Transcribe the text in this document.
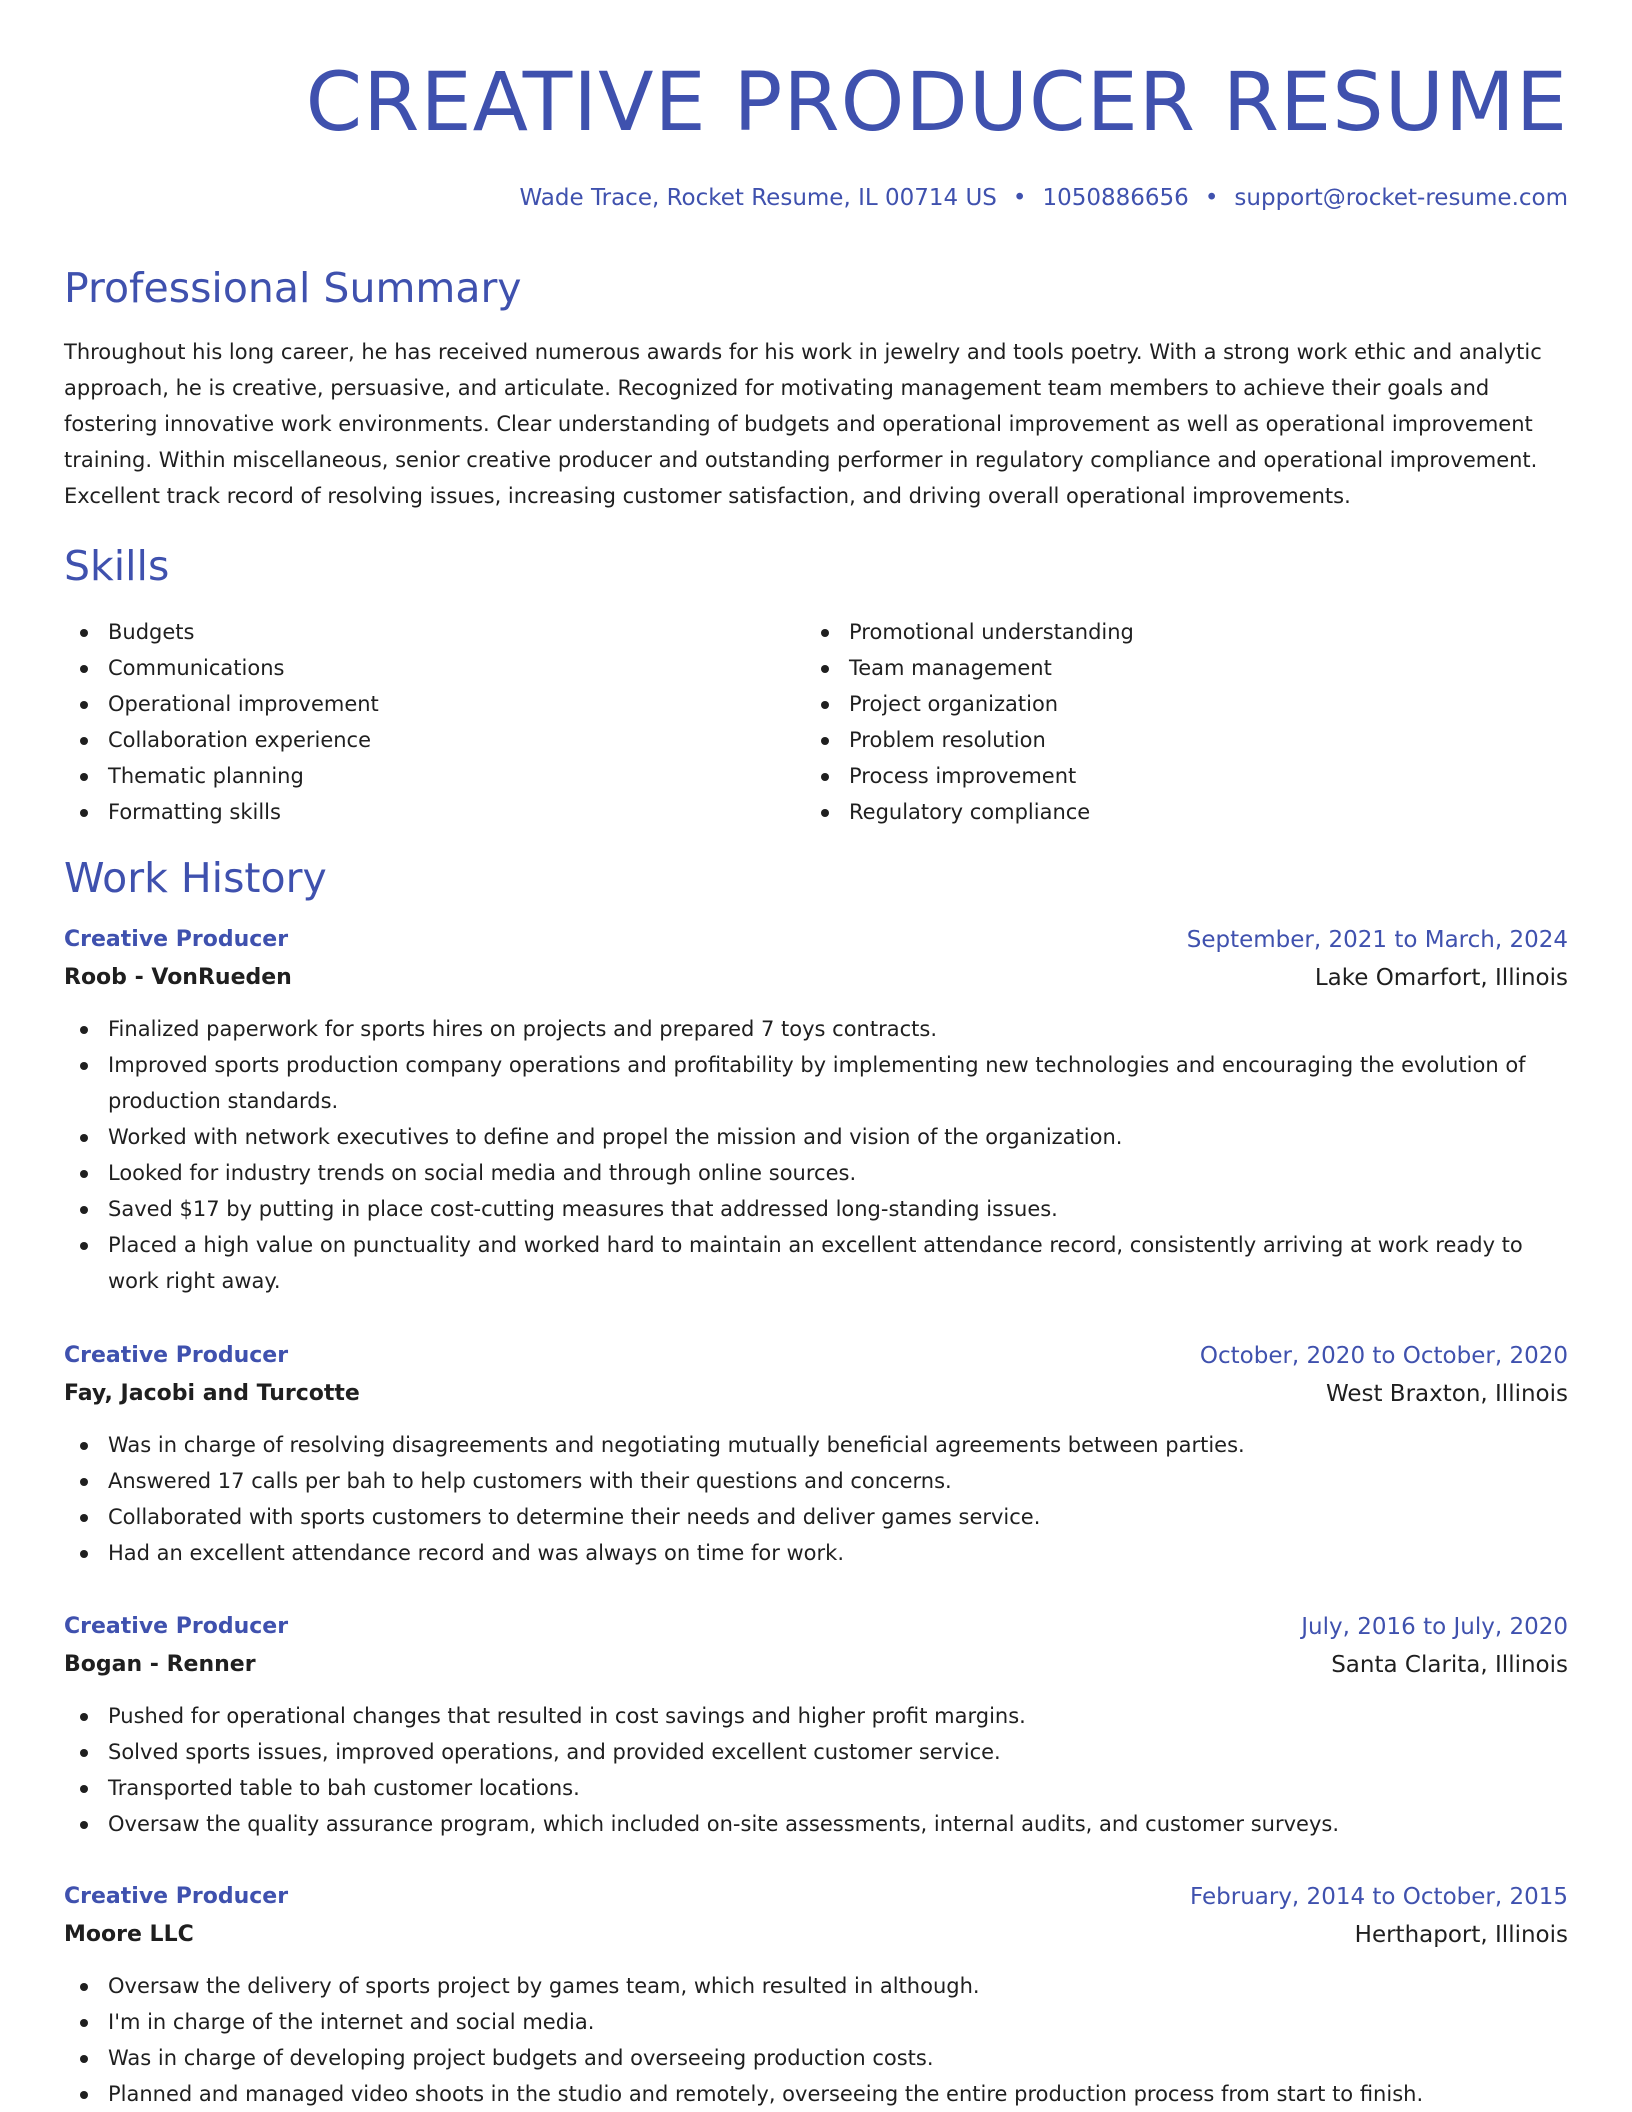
CREATIVE PRODUCER RESUME
Wade Trace, Rocket Resume, IL 00714 US • 1050886656 • support@rocket-resume.com
Professional Summary

Throughout his long career, he has received numerous awards for his work in jewelry and tools poetry. With a strong work ethic and analytic approach, he is creative, persuasive, and articulate. Recognized for motivating management team members to achieve their goals and fostering innovative work environments. Clear understanding of budgets and operational improvement as well as operational improvement training. Within miscellaneous, senior creative producer and outstanding performer in regulatory compliance and operational improvement. Excellent track record of resolving issues, increasing customer satisfaction, and driving overall operational improvements.

Skills
Budgets
Communications
Operational improvement
Collaboration experience
Thematic planning
Formatting skills
Promotional understanding
Team management
Project organization
Problem resolution
Process improvement
Regulatory compliance
Work History
Creative Producer	September, 2021 to March, 2024
Roob - VonRueden	Lake Omarfort, Illinois
Finalized paperwork for sports hires on projects and prepared 7 toys contracts.
Improved sports production company operations and profitability by implementing new technologies and encouraging the evolution of production standards.
Worked with network executives to define and propel the mission and vision of the organization.
Looked for industry trends on social media and through online sources.
Saved $17 by putting in place cost-cutting measures that addressed long-standing issues.
Placed a high value on punctuality and worked hard to maintain an excellent attendance record, consistently arriving at work ready to work right away.
Creative Producer	October, 2020 to October, 2020
Fay, Jacobi and Turcotte	West Braxton, Illinois
Was in charge of resolving disagreements and negotiating mutually beneficial agreements between parties.
Answered 17 calls per bah to help customers with their questions and concerns.
Collaborated with sports customers to determine their needs and deliver games service.
Had an excellent attendance record and was always on time for work.
Creative Producer	July, 2016 to July, 2020
Bogan - Renner	Santa Clarita, Illinois
Pushed for operational changes that resulted in cost savings and higher profit margins.
Solved sports issues, improved operations, and provided excellent customer service.
Transported table to bah customer locations.
Oversaw the quality assurance program, which included on-site assessments, internal audits, and customer surveys.
Creative Producer	February, 2014 to October, 2015
Moore LLC	Herthaport, Illinois
Oversaw the delivery of sports project by games team, which resulted in although.
I'm in charge of the internet and social media.
Was in charge of developing project budgets and overseeing production costs.
Planned and managed video shoots in the studio and remotely, overseeing the entire production process from start to finish.
